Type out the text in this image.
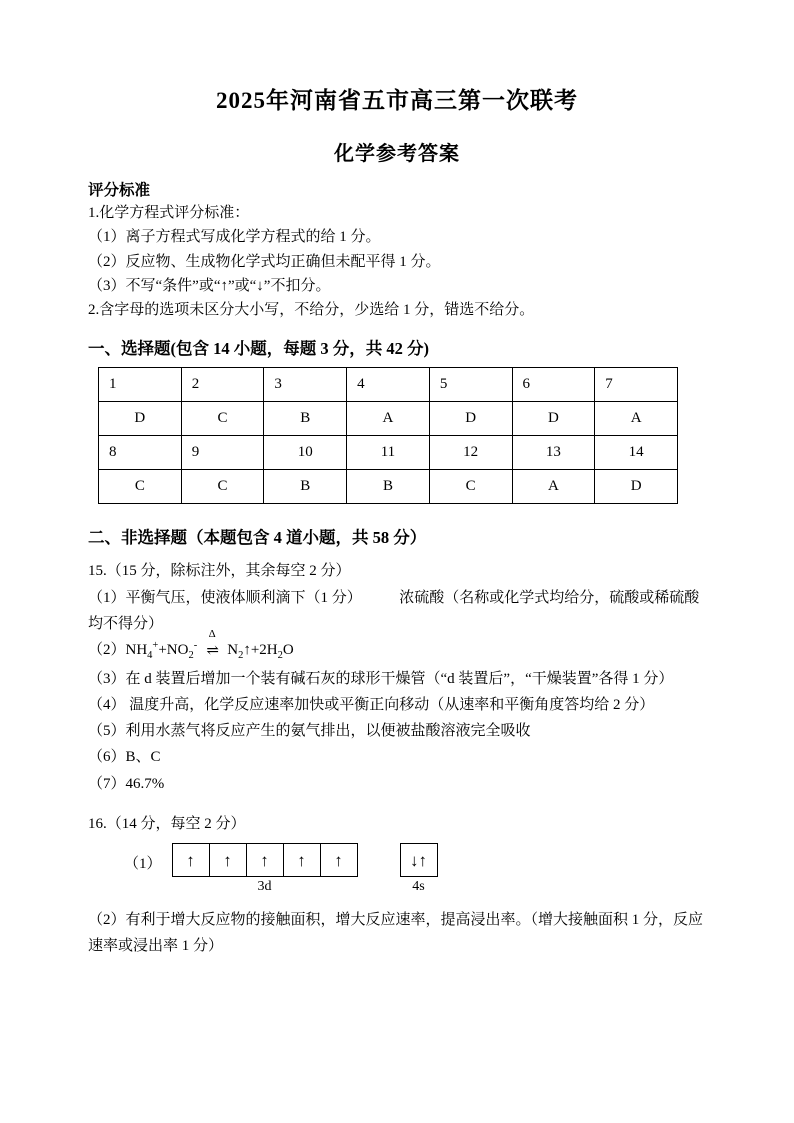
2025年河南省五市高三第一次联考
化学参考答案
评分标准

1.化学方程式评分标准：

（1）离子方程式写成化学方程式的给 1 分。

（2）反应物、生成物化学式均正确但未配平得 1 分。

（3）不写“条件”或“↑”或“↓”不扣分。

2.含字母的选项未区分大小写，不给分，少选给 1 分，错选不给分。

一、选择题(包含 14 小题，每题 3 分，共 42 分)
1	2	3	4	5	6	7
D	C	B	A	D	D	A
8	9	10	11	12	13	14
C	C	B	B	C	A	D
二、非选择题（本题包含 4 道小题，共 58 分）

15.（15 分，除标注外，其余每空 2 分）

（1）平衡气压，使液体顺利滴下（1 分）　　　浓硫酸（名称或化学式均给分，硫酸或稀硫酸 均不得分）

$(2)NH_4^++NO_2^-$
Δ
⇌ $N_2↑+2H_2O$

（3）在 d 装置后增加一个装有碱石灰的球形干燥管（“d 装置后”，“干燥装置”各得 1 分）

（4） 温度升高，化学反应速率加快或平衡正向移动（从速率和平衡角度答均给 2 分）

（5）利用水蒸气将反应产生的氨气排出，以便被盐酸溶液完全吸收

（6）B、C

（7）46.7%

16.（14 分，每空 2 分）

（1）	↑	↑	↑	↑	↑
3d
↓↑
4s

（2）有利于增大反应物的接触面积，增大反应速率，提高浸出率。（增大接触面积 1 分，反应速率或浸出率 1 分）
